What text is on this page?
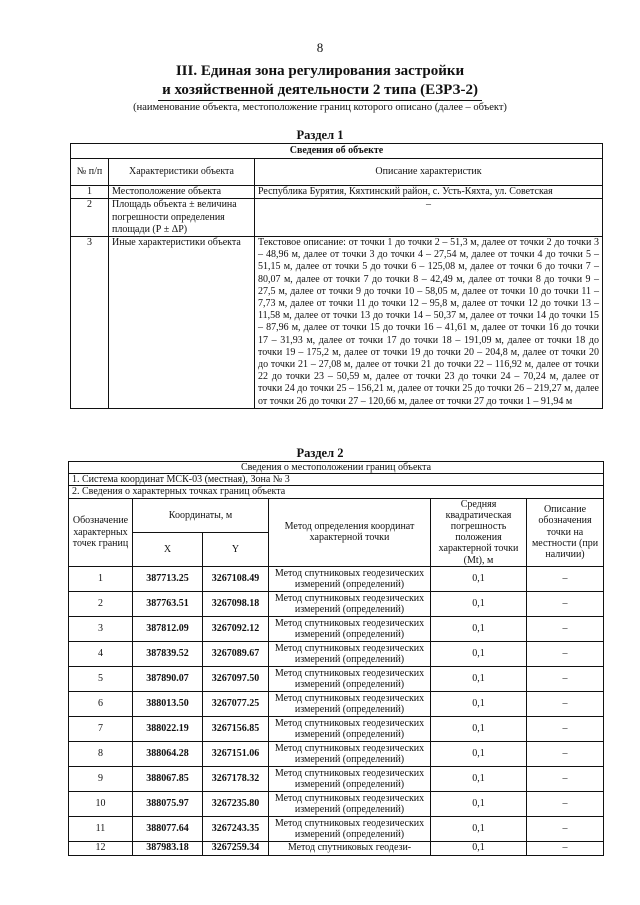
8
III. Единая зона регулирования застройки
и хозяйственной деятельности 2 типа (ЕЗРЗ-2)
(наименование объекта, местоположение границ которого описано (далее – объект)
Раздел 1
Сведения об объекте		
№ п/п	Характеристики объекта	Описание характеристик
1	Местоположение объекта	Республика Бурятия, Кяхтинский район, с. Усть-Кяхта, ул. Советская
2	Площадь объекта ± величина погрешности определения площади (Р ± ΔР)	–
3	Иные характеристики объекта	Текстовое описание: от точки 1 до точки 2 – 51,3 м, далее от точки 2 до точки 3 – 48,96 м, далее от точки 3 до точки 4 – 27,54 м, далее от точки 4 до точки 5 – 51,15 м, далее от точки 5 до точки 6 – 125,08 м, далее от точки 6 до точки 7 – 80,07 м, далее от точки 7 до точки 8 – 42,49 м, далее от точки 8 до точки 9 – 27,5 м, далее от точки 9 до точки 10 – 58,05 м, далее от точки 10 до точки 11 – 7,73 м, далее от точки 11 до точки 12 – 95,8 м, далее от точки 12 до точки 13 – 11,58 м, далее от точки 13 до точки 14 – 50,37 м, далее от точки 14 до точки 15 – 87,96 м, далее от точки 15 до точки 16 – 41,61 м, далее от точки 16 до точки 17 – 31,93 м, далее от точки 17 до точки 18 – 191,09 м, далее от точки 18 до точки 19 – 175,2 м, далее от точки 19 до точки 20 – 204,8 м, далее от точки 20 до точки 21 – 27,08 м, далее от точки 21 до точки 22 – 116,92 м, далее от точки 22 до точки 23 – 50,59 м, далее от точки 23 до точки 24 – 70,24 м, далее от точки 24 до точки 25 – 156,21 м, далее от точки 25 до точки 26 – 219,27 м, далее от точки 26 до точки 27 – 120,66 м, далее от точки 27 до точки 1 – 91,94 м
Раздел 2
Сведения о местоположении границ объекта					
1. Система координат МСК-03 (местная), Зона № 3					
2. Сведения о характерных точках границ объекта					
Обозначение характерных точек границ	Координаты, м		Метод определения координат характерной точки	Средняя квадратическая погрешность положения характерной точки (Mt), м	Описание обозначения точки на местности (при наличии)
	X	Y			
1	387713.25	3267108.49	Метод спутниковых геодезических измерений (определений)	0,1	–
2	387763.51	3267098.18	Метод спутниковых геодезических измерений (определений)	0,1	–
3	387812.09	3267092.12	Метод спутниковых геодезических измерений (определений)	0,1	–
4	387839.52	3267089.67	Метод спутниковых геодезических измерений (определений)	0,1	–
5	387890.07	3267097.50	Метод спутниковых геодезических измерений (определений)	0,1	–
6	388013.50	3267077.25	Метод спутниковых геодезических измерений (определений)	0,1	–
7	388022.19	3267156.85	Метод спутниковых геодезических измерений (определений)	0,1	–
8	388064.28	3267151.06	Метод спутниковых геодезических измерений (определений)	0,1	–
9	388067.85	3267178.32	Метод спутниковых геодезических измерений (определений)	0,1	–
10	388075.97	3267235.80	Метод спутниковых геодезических измерений (определений)	0,1	–
11	388077.64	3267243.35	Метод спутниковых геодезических измерений (определений)	0,1	–
12	387983.18	3267259.34	Метод спутниковых геодези-	0,1	–
